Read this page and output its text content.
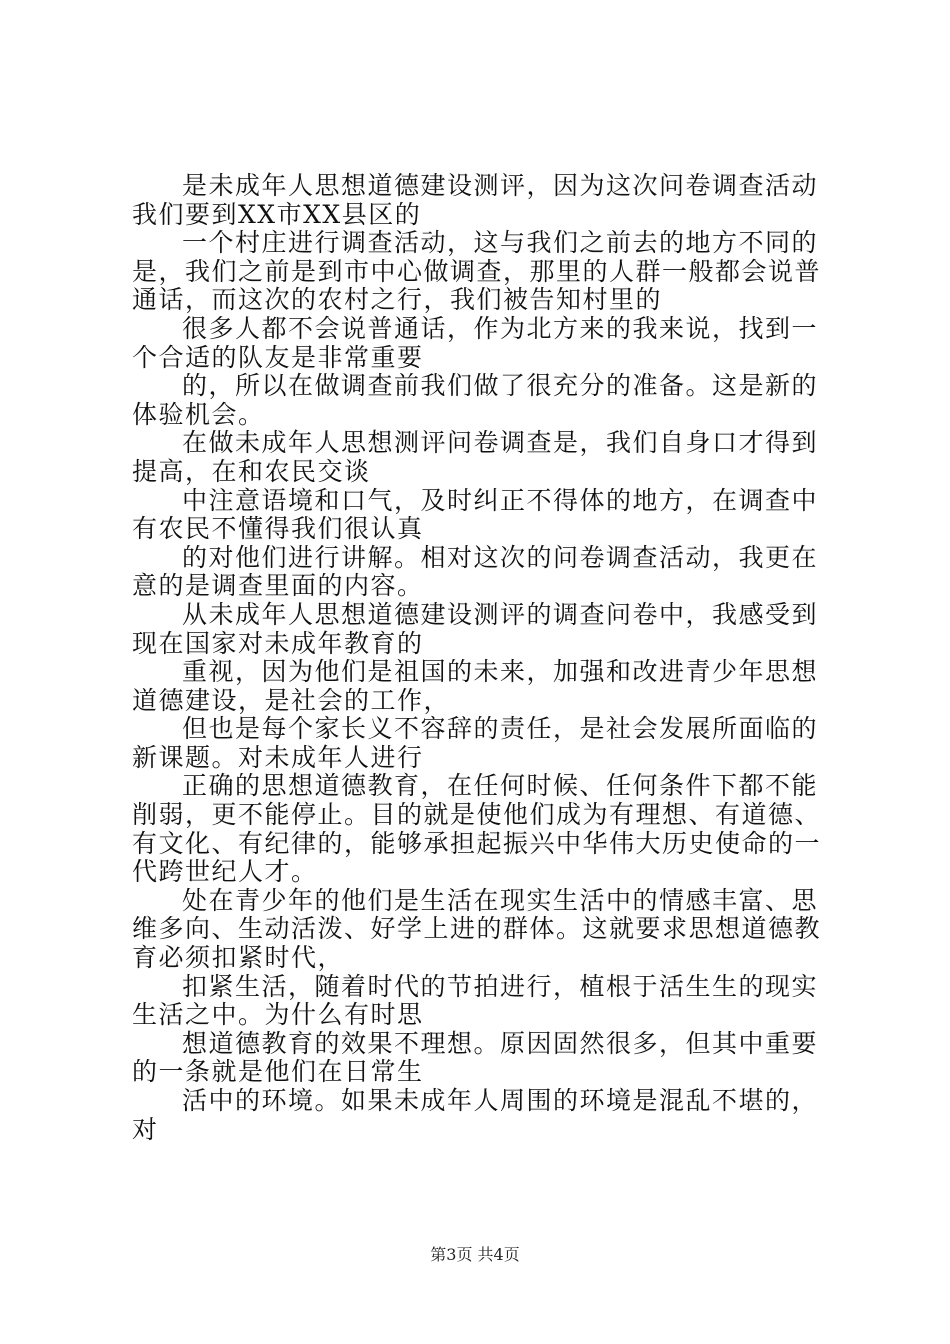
是未成年人思想道德建设测评，因为这次问卷调查活动我们要到XX市XX县区的

一个村庄进行调查活动，这与我们之前去的地方不同的是，我们之前是到市中心做调查，那里的人群一般都会说普通话，而这次的农村之行，我们被告知村里的

很多人都不会说普通话，作为北方来的我来说，找到一个合适的队友是非常重要

的，所以在做调查前我们做了很充分的准备。这是新的体验机会。

在做未成年人思想测评问卷调查是，我们自身口才得到提高，在和农民交谈

中注意语境和口气，及时纠正不得体的地方，在调查中有农民不懂得我们很认真

的对他们进行讲解。相对这次的问卷调查活动，我更在意的是调查里面的内容。

从未成年人思想道德建设测评的调查问卷中，我感受到现在国家对未成年教育的

重视，因为他们是祖国的未来，加强和改进青少年思想道德建设，是社会的工作，

但也是每个家长义不容辞的责任，是社会发展所面临的新课题。对未成年人进行

正确的思想道德教育，在任何时候、任何条件下都不能削弱，更不能停止。目的就是使他们成为有理想、有道德、有文化、有纪律的，能够承担起振兴中华伟大历史使命的一代跨世纪人才。

处在青少年的他们是生活在现实生活中的情感丰富、思维多向、生动活泼、好学上进的群体。这就要求思想道德教育必须扣紧时代，

扣紧生活，随着时代的节拍进行，植根于活生生的现实生活之中。为什么有时思

想道德教育的效果不理想。原因固然很多，但其中重要的一条就是他们在日常生

活中的环境。如果未成年人周围的环境是混乱不堪的，对

第3页 共4页
